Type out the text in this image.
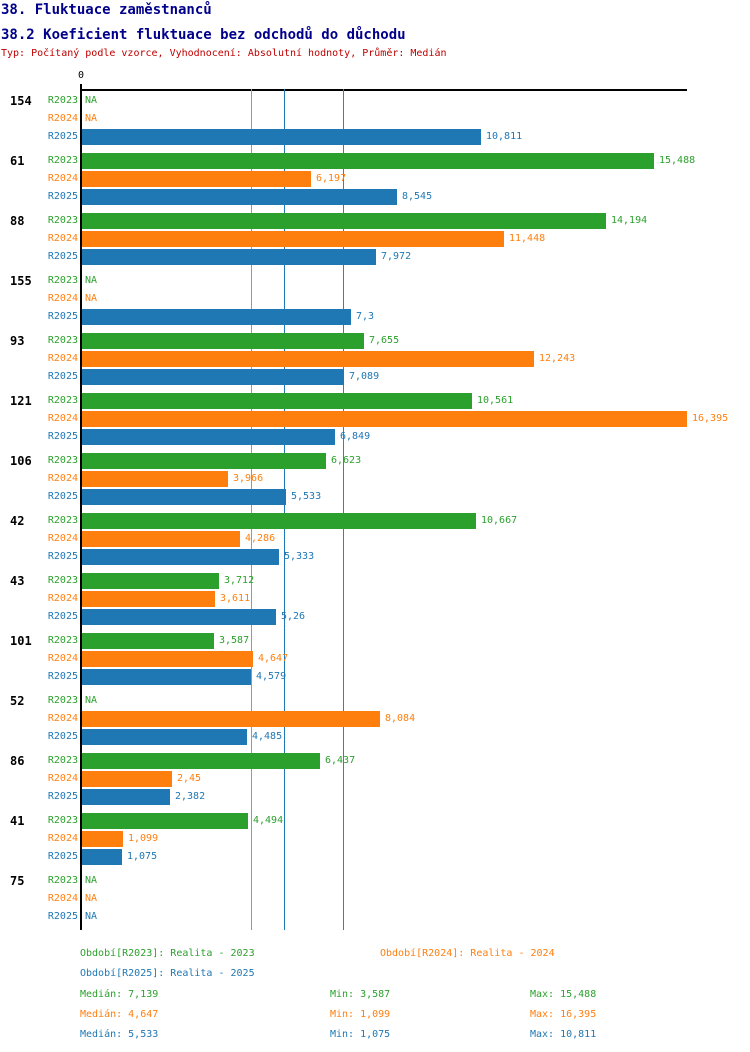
38. Fluktuace zaměstnanců
38.2 Koeficient fluktuace bez odchodů do důchodu
Typ: Počítaný podle vzorce, Vyhodnocení: Absolutní hodnoty, Průměr: Medián
0
154	R2023 NA
R2024 NA
R2025	10,811
61	R2023	15,488
R2024	6,197
R2025	8,545
88	R2023	14,194
R2024	11,448
R2025	7,972
155	R2023 NA
R2024 NA
R2025	7,3
93	R2023	7,655
R2024	12,243
R2025	7,089
121	R2023	10,561
R2024	16,395
R2025	6,849
106	R2023	6,623
R2024	3,966
R2025	5,533
42	R2023	10,667
R2024	4,286
R2025	5,333
43	R2023	3,712
R2024	3,611
R2025	5,26
101	R2023	3,587
R2024	4,647
R2025	4,579
52	R2023 NA
R2024	8,084
R2025	4,485
86	R2023	6,437
R2024	2,45
R2025	2,382
41	R2023	4,494
R2024	1,099
R2025	1,075
75	R2023 NA
R2024 NA
R2025 NA
Období[R2023]: Realita - 2023	Období[R2024]: Realita - 2024
Období[R2025]: Realita - 2025
Medián: 7,139	Min: 3,587	Max: 15,488
Medián: 4,647	Min: 1,099	Max: 16,395
Medián: 5,533	Min: 1,075	Max: 10,811
